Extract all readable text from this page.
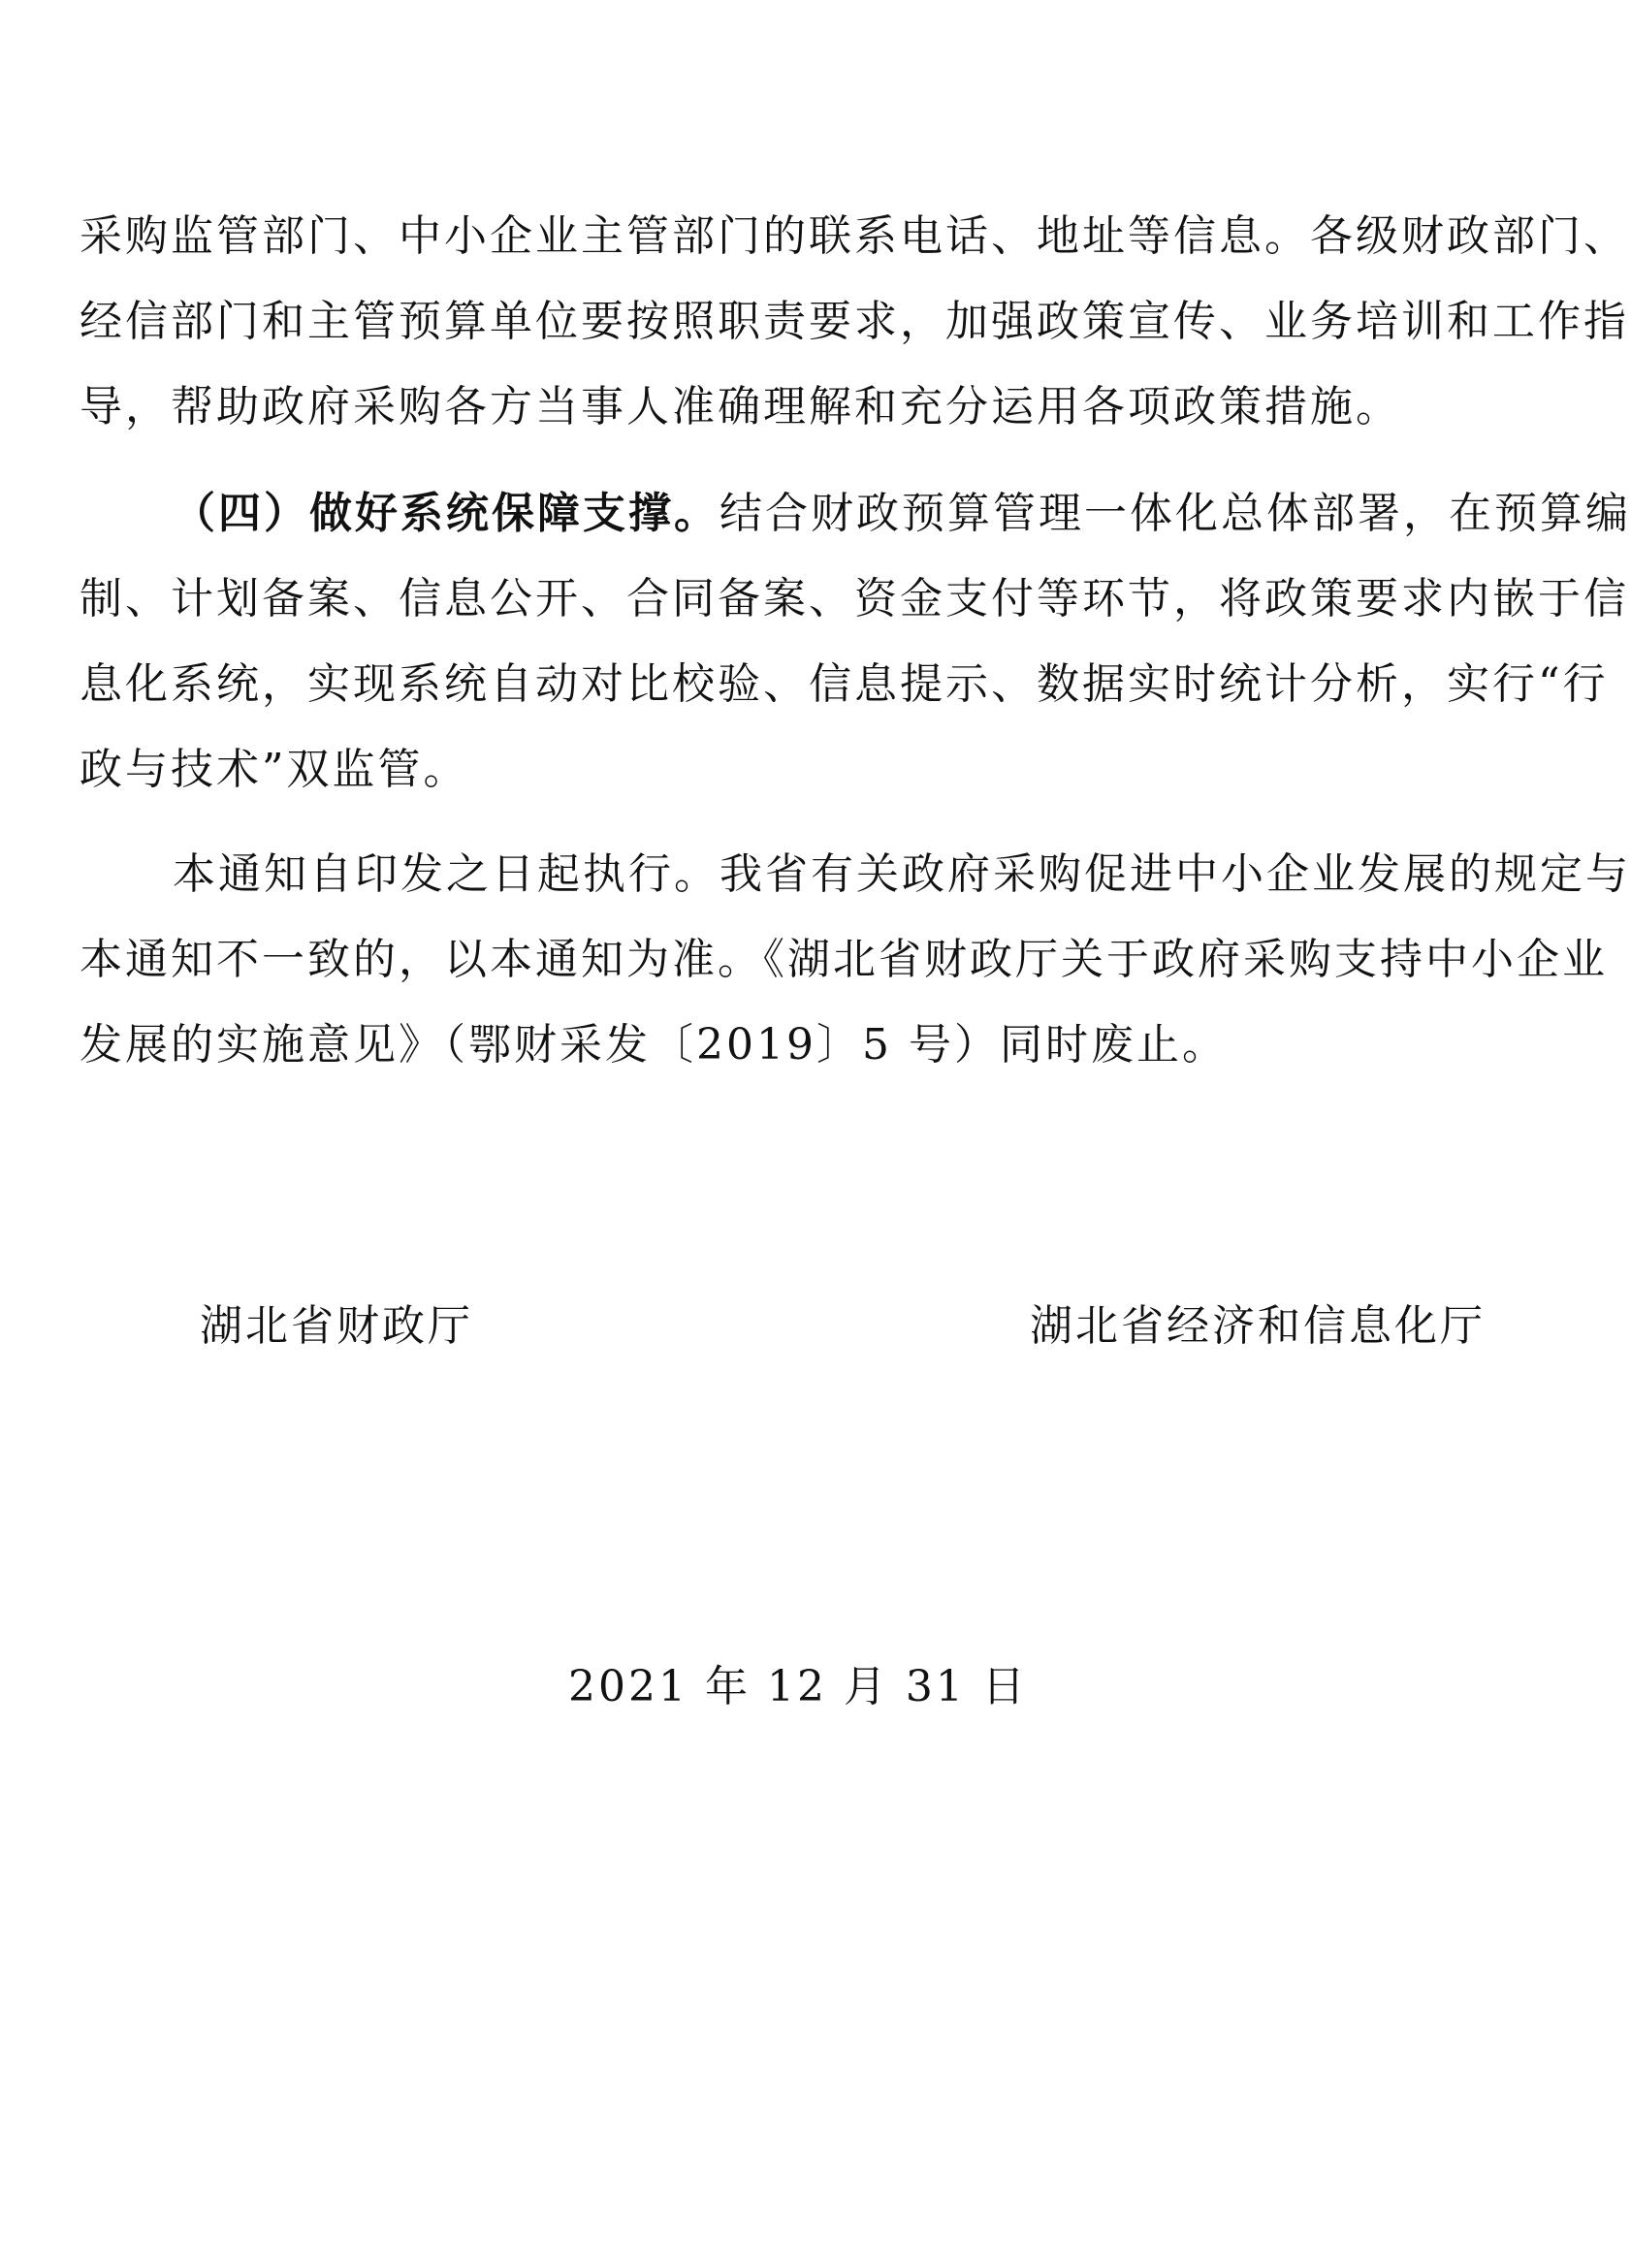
采购监管部门、中小企业主管部门的联系电话、地址等信息。各级财政部门、
经信部门和主管预算单位要按照职责要求，加强政策宣传、业务培训和工作指
导，帮助政府采购各方当事人准确理解和充分运用各项政策措施。
（四）做好系统保障支撑。结合财政预算管理一体化总体部署，在预算编
制、计划备案、信息公开、合同备案、资金支付等环节，将政策要求内嵌于信
息化系统，实现系统自动对比校验、信息提示、数据实时统计分析，实行“行
政与技术”双监管。
本通知自印发之日起执行。我省有关政府采购促进中小企业发展的规定与
本通知不一致的，以本通知为准。《湖北省财政厅关于政府采购支持中小企业
发展的实施意见》（鄂财采发〔2019〕5 号）同时废止。
湖北省财政厅	湖北省经济和信息化厅
2021 年 12 月 31 日
